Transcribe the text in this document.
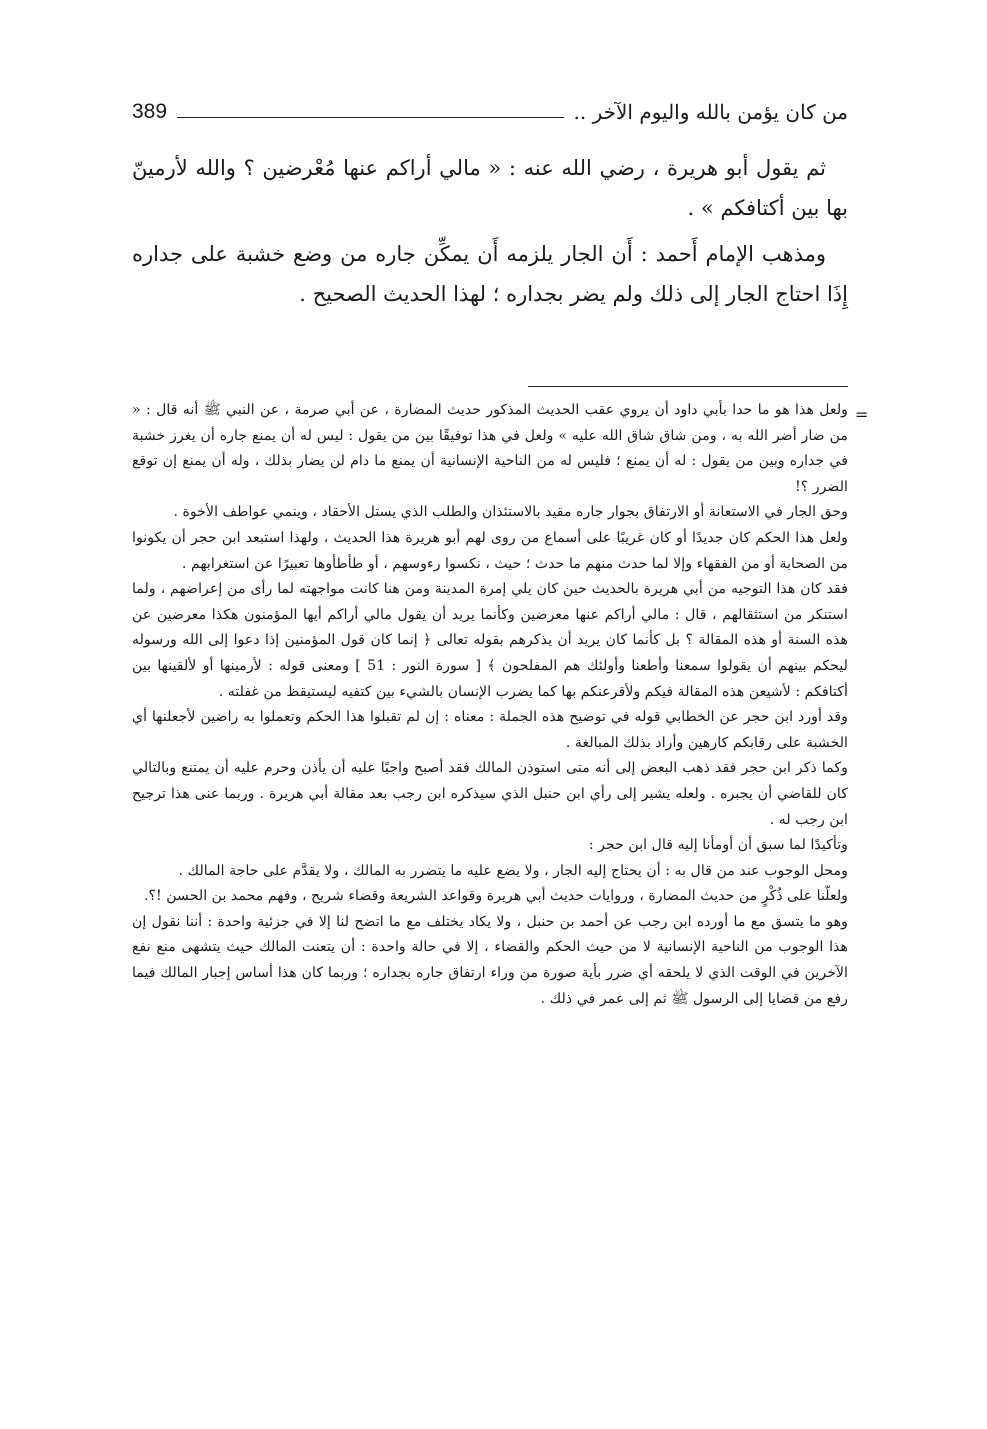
من كان يؤمن بالله واليوم الآخر ..
389

ثم يقول أبو هريرة ، رضي الله عنه : « مالي أراكم عنها مُعْرضين ؟ والله لأرمينّ بها بين أكتافكم » .

ومذهب الإمام أَحمد : أَن الجار يلزمه أَن يمكِّن جاره من وضع خشبة على جداره إِذَا احتاج الجار إلى ذلك ولم يضر بجداره ؛ لهذا الحديث الصحيح .

=

ولعل هذا هو ما حدا بأبي داود أن يروي عقب الحديث المذكور حديث المضارة ، عن أبي صرمة ، عن النبي ﷺ أنه قال : « من ضار أضر الله به ، ومن شاق شاق الله عليه » ولعل في هذا توفيقًا بين من يقول : ليس له أن يمنع جاره أن يغرز خشبة في جداره وبين من يقول : له أن يمنع ؛ فليس له من الناحية الإنسانية أن يمنع ما دام لن يضار بذلك ، وله أن يمنع إن توقع الضرر ؟!

وحق الجار في الاستعانة أو الارتفاق بجوار جاره مقيد بالاستئذان والطلب الذي يستل الأحقاد ، وينمي عواطف الأخوة .

ولعل هذا الحكم كان جديدًا أو كان غريبًا على أسماع من روى لهم أبو هريرة هذا الحديث ، ولهذا استبعد ابن حجر أن يكونوا من الصحابة أو من الفقهاء وإلا لما حدث منهم ما حدث ؛ حيث ، نكسوا رءوسهم ، أو طأطأوها تعبيرًا عن استغرابهم .

فقد كان هذا التوجيه من أبي هريرة بالحديث حين كان يلي إمرة المدينة ومن هنا كانت مواجهته لما رأى من إعراضهم ، ولما استنكر من استثقالهم ، قال : مالي أراكم عنها معرضين وكأنما يريد أن يقول مالي أراكم أيها المؤمنون هكذا معرضين عن هذه السنة أو هذه المقالة ؟ بل كأنما كان يريد أن يذكرهم بقوله تعالى ﴿ إنما كان قول المؤمنين إذا دعوا إلى الله ورسوله ليحكم بينهم أن يقولوا سمعنا وأطعنا وأولئك هم المفلحون ﴾ [ سورة النور : 51 ] ومعنى قوله : لأرمينها أو لألقينها بين أكتافكم : لأشيعن هذه المقالة فيكم ولأقرعنكم بها كما يضرب الإنسان بالشيء بين كتفيه ليستيقظ من غفلته .

وقد أورد ابن حجر عن الخطابي قوله في توضيح هذه الجملة : معناه : إن لم تقبلوا هذا الحكم وتعملوا به راضين لأجعلنها أي الخشبة على رقابكم كارهين وأراد بذلك المبالغة .

وكما ذكر ابن حجر فقد ذهب البعض إلى أنه متى استوذن المالك فقد أصبح واجبًا عليه أن يأذن وحرم عليه أن يمتنع وبالتالي كان للقاضي أن يجبره . ولعله يشير إلى رأي ابن حنبل الذي سيذكره ابن رجب بعد مقالة أبي هريرة . وربما عنى هذا ترجيح ابن رجب له .

وتأكيدًا لما سبق أن أومأنا إليه قال ابن حجر :

ومحل الوجوب عند من قال به : أن يحتاج إليه الجار ، ولا يضع عليه ما يتضرر به المالك ، ولا يقدَّم على حاجة المالك .

ولعلّنا على ذُكْرٍ من حديث المضارة ، وروايات حديث أبي هريرة وقواعد الشريعة وقضاء شريح ، وفهم محمد بن الحسن !؟.

وهو ما يتسق مع ما أورده ابن رجب عن أحمد بن حنبل ، ولا يكاد يختلف مع ما اتضح لنا إلا في جزئية واحدة : أننا نقول إن هذا الوجوب من الناحية الإنسانية لا من حيث الحكم والقضاء ، إلا في حالة واحدة : أن يتعنت المالك حيث يتشهى منع نفع الآخرين في الوقت الذي لا يلحقه أي ضرر بأية صورة من وراء ارتفاق جاره بجداره ؛ وربما كان هذا أساس إجبار المالك فيما رفع من قضايا إلى الرسول ﷺ ثم إلى عمر في ذلك .
